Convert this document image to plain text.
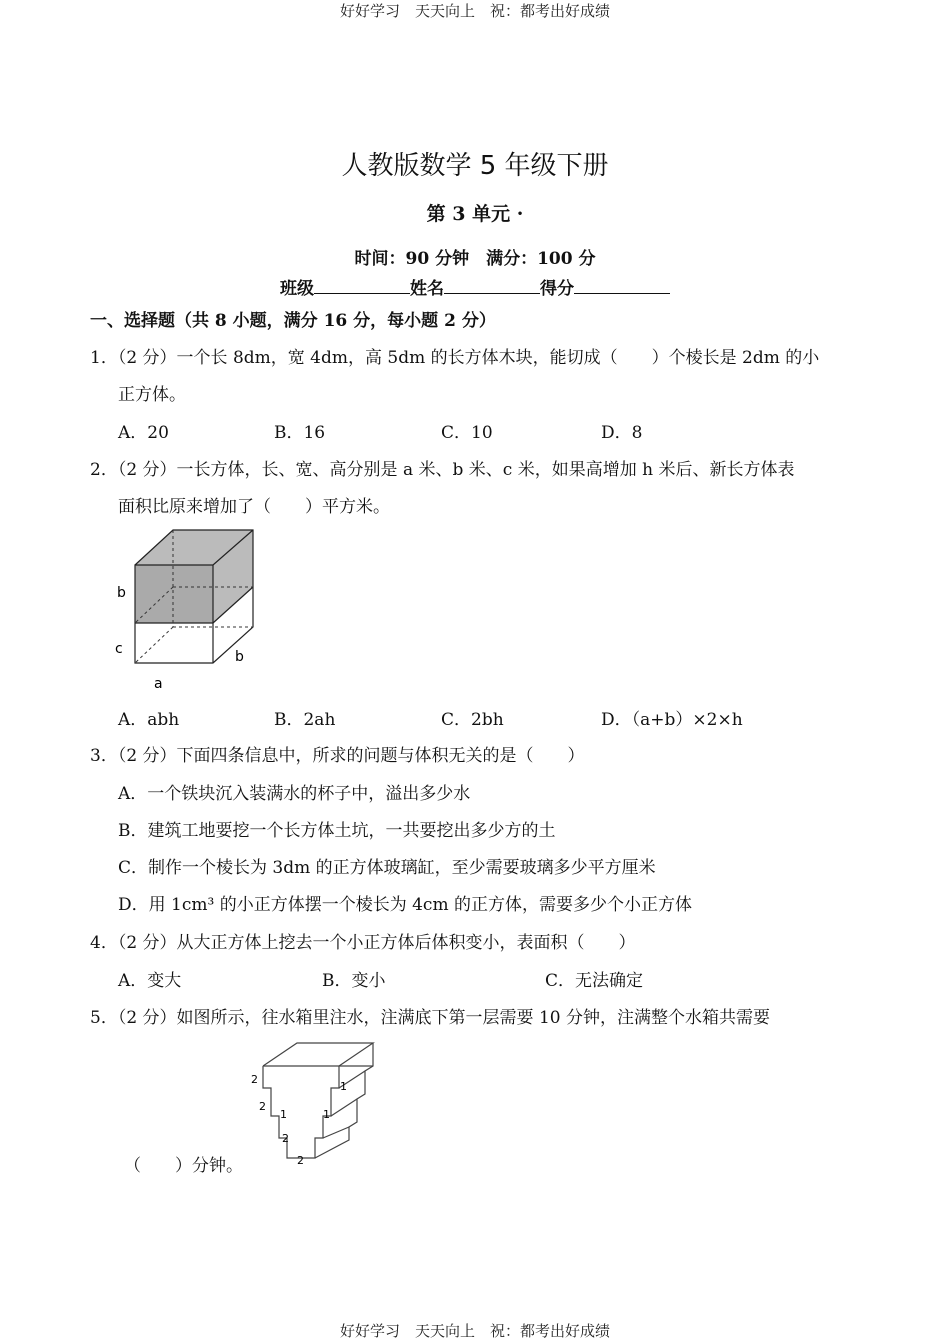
好好学习　天天向上　祝：都考出好成绩
人教版数学 5 年级下册
第 3 单元 ·
时间：90 分钟　满分：100 分
班级	姓名	得分
一、选择题（共 8 小题，满分 16 分，每小题 2 分）
1．（2 分）一个长 8dm，宽 4dm，高 5dm 的长方体木块，能切成（　　）个棱长是 2dm 的小
正方体。
A．20	B．16	C．10	D．8
2．（2 分）一长方体，长、宽、高分别是 a 米、b 米、c 米，如果高增加 h 米后、新长方体表
面积比原来增加了（　　）平方米。
b
c	b
a
A．abh	B．2ah	C．2bh	D．（a+b）×2×h
3．（2 分）下面四条信息中，所求的问题与体积无关的是（　　）
A．一个铁块沉入装满水的杯子中，溢出多少水
B．建筑工地要挖一个长方体土坑，一共要挖出多少方的土
C．制作一个棱长为 3dm 的正方体玻璃缸，至少需要玻璃多少平方厘米
D．用 1cm³ 的小正方体摆一个棱长为 4cm 的正方体，需要多少个小正方体
4．（2 分）从大正方体上挖去一个小正方体后体积变小，表面积（　　）
A．变大	B．变小	C．无法确定
5．（2 分）如图所示，往水箱里注水，注满底下第一层需要 10 分钟，注满整个水箱共需要
2
1
2
1	1
2
2
（　　）分钟。
好好学习　天天向上　祝：都考出好成绩
